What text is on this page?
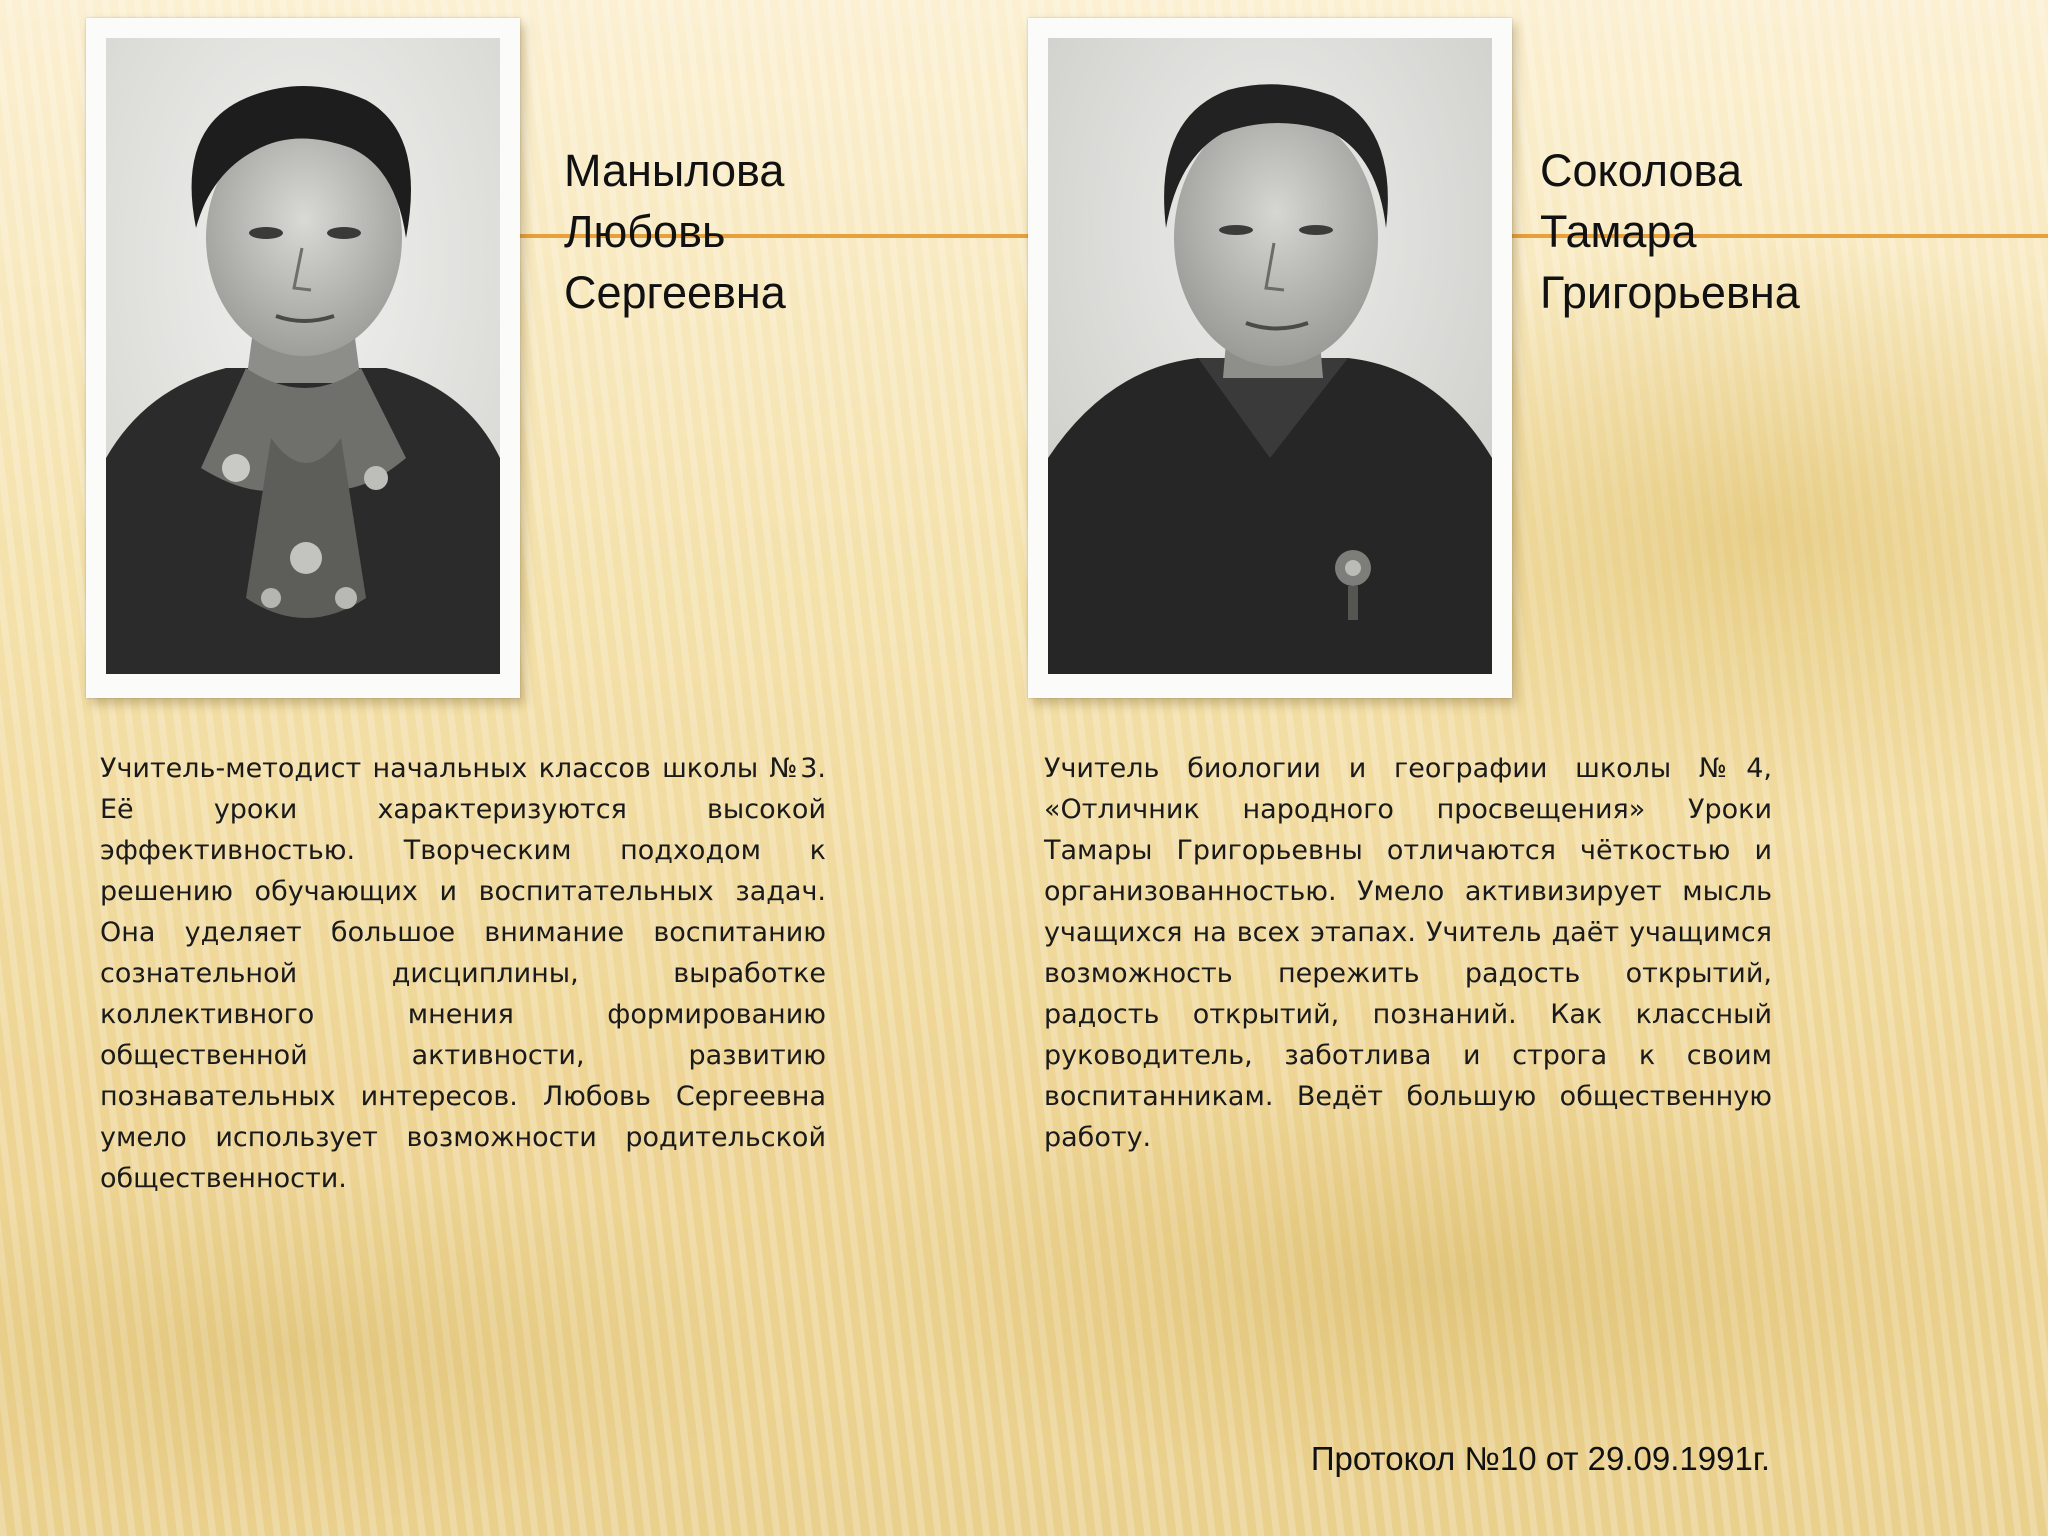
Манылова
Любовь
Сергеевна
Соколова
Тамара
Григорьевна

Учитель-методист начальных классов школы №3. Её уроки характеризуются высокой эффективностью. Творческим подходом к решению обучающих и воспитательных задач. Она уделяет большое внимание воспитанию сознательной дисциплины, выработке коллективного мнения формированию общественной активности, развитию познавательных интересов. Любовь Сергеевна умело использует возможности родительской общественности.

Учитель биологии и географии школы №4, «Отличник народного просвещения» Уроки Тамары Григорьевны отличаются чёткостью и организованностью. Умело активизирует мысль учащихся на всех этапах. Учитель даёт учащимся возможность пережить радость открытий, радость открытий, познаний. Как классный руководитель, заботлива и строга к своим воспитанникам. Ведёт большую общественную работу.

Протокол №10 от 29.09.1991г.
